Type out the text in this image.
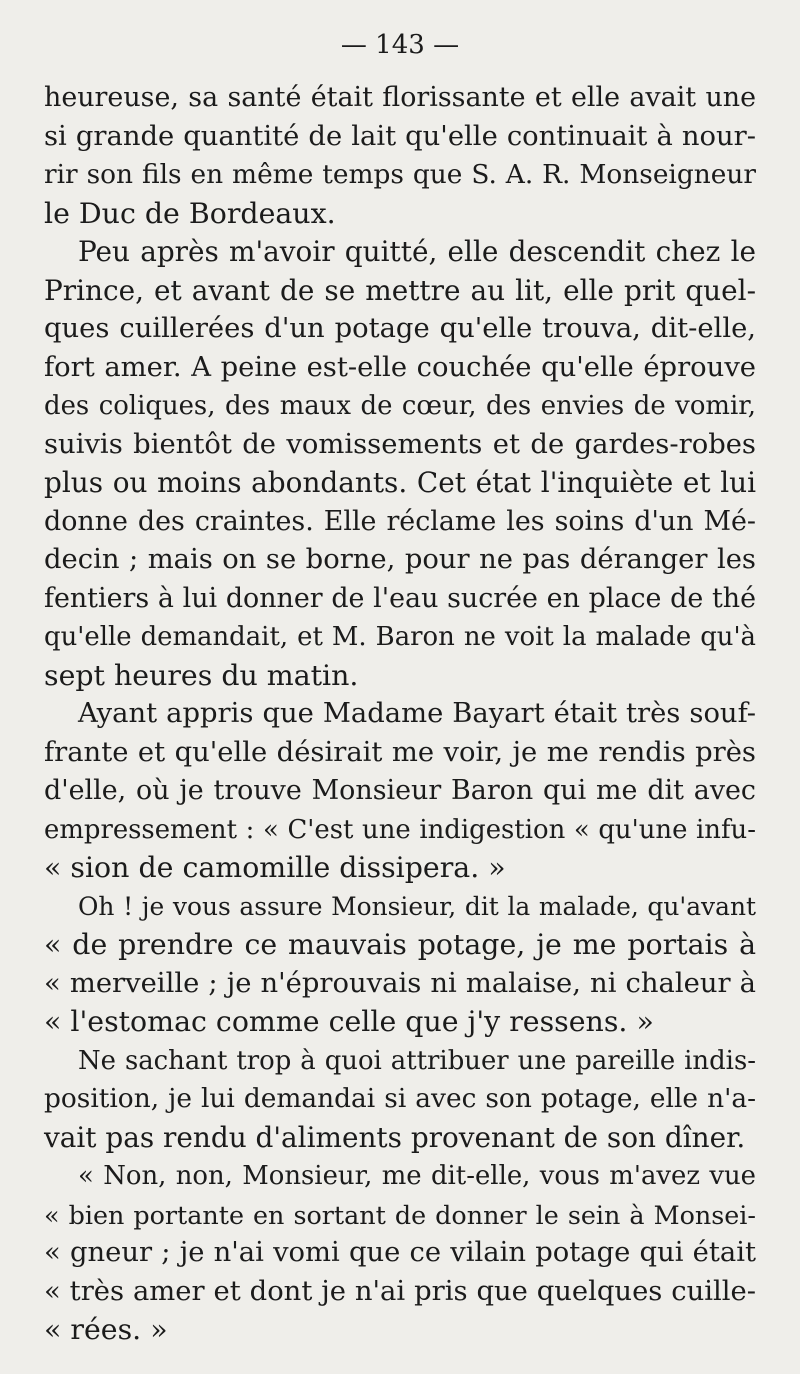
— 143 —
heureuse, sa santé était florissante et elle avait une
si grande quantité de lait qu'elle continuait à nour-
rir son fils en même temps que S. A. R. Monseigneur
le Duc de Bordeaux.
Peu après m'avoir quitté, elle descendit chez le
Prince, et avant de se mettre au lit, elle prit quel-
ques cuillerées d'un potage qu'elle trouva, dit-elle,
fort amer. A peine est-elle couchée qu'elle éprouve
des coliques, des maux de cœur, des envies de vomir,
suivis bientôt de vomissements et de gardes-robes
plus ou moins abondants. Cet état l'inquiète et lui
donne des craintes. Elle réclame les soins d'un Mé-
decin ; mais on se borne, pour ne pas déranger les
fentiers à lui donner de l'eau sucrée en place de thé
qu'elle demandait, et M. Baron ne voit la malade qu'à
sept heures du matin.
Ayant appris que Madame Bayart était très souf-
frante et qu'elle désirait me voir, je me rendis près
d'elle, où je trouve Monsieur Baron qui me dit avec
empressement : « C'est une indigestion « qu'une infu-
« sion de camomille dissipera. »
Oh ! je vous assure Monsieur, dit la malade, qu'avant
« de prendre ce mauvais potage, je me portais à
« merveille ; je n'éprouvais ni malaise, ni chaleur à
« l'estomac comme celle que j'y ressens. »
Ne sachant trop à quoi attribuer une pareille indis-
position, je lui demandai si avec son potage, elle n'a-
vait pas rendu d'aliments provenant de son dîner.
« Non, non, Monsieur, me dit-elle, vous m'avez vue
« bien portante en sortant de donner le sein à Monsei-
« gneur ; je n'ai vomi que ce vilain potage qui était
« très amer et dont je n'ai pris que quelques cuille-
« rées. »
